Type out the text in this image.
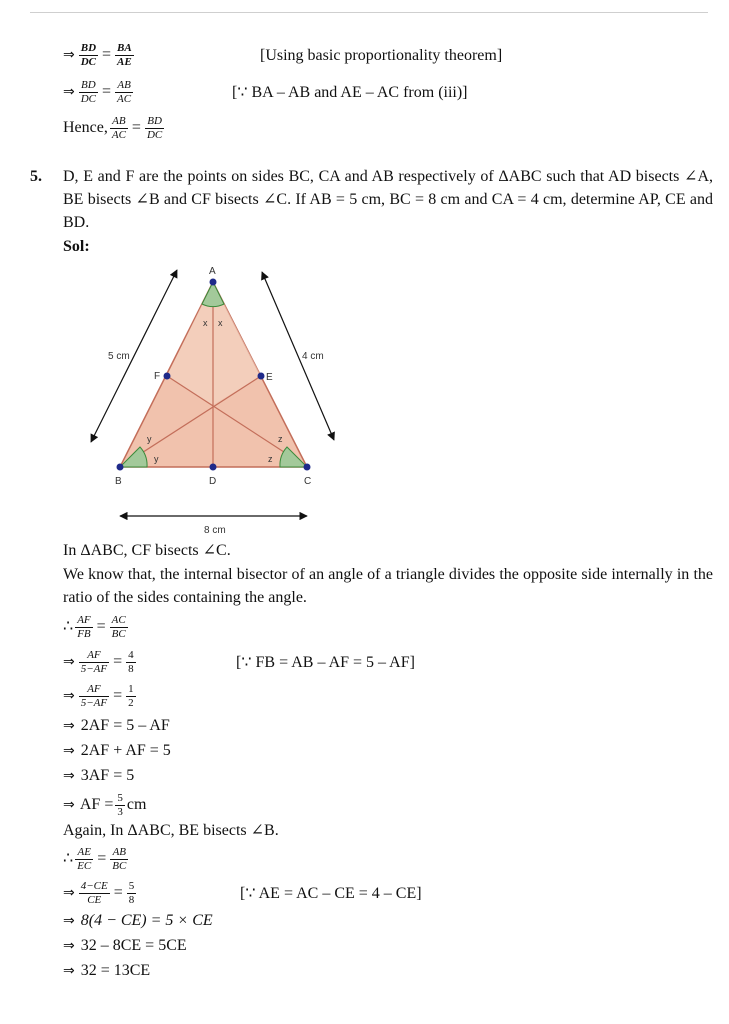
⇒ $\frac{BD}{DC} = \frac{BA}{AE}$	[Using basic proportionality theorem]
⇒ $\frac{BD}{DC} = \frac{AB}{AC}$	[∵ BA – AB and AE – AC from (iii)]
Hence, $\frac{AB}{AC} = \frac{BD}{DC}$
5. D, E and F are the points on sides BC, CA and AB respectively of ΔABC such that AD bisects ∠A, BE bisects ∠B and CF bisects ∠C. If AB = 5 cm, BC = 8 cm and CA = 4 cm, determine AP, CE and BD.
Sol:
A
B	C
D
E
F
x x
y
y
z
z
5 cm	4 cm
8 cm
In ΔABC, CF bisects ∠C.
We know that, the internal bisector of an angle of a triangle divides the opposite side internally in the ratio of the sides containing the angle.
∴ $\frac{AF}{FB} = \frac{AC}{BC}$
⇒ $\frac{AF}{5-AF} = \frac{4}{8}$	[∵ FB = AB – AF = 5 – AF]
⇒ $\frac{AF}{5-AF} = \frac{1}{2}$
⇒ 2AF = 5 – AF
⇒ 2AF + AF = 5
⇒ 3AF = 5
⇒ AF = $\frac{5}{3}$ cm
Again, In ΔABC, BE bisects ∠B.
∴ $\frac{AE}{EC} = \frac{AB}{BC}$
⇒ $\frac{4-CE}{CE} = \frac{5}{8}$	[∵ AE = AC – CE = 4 – CE]
⇒ 8(4 − CE) = 5 × CE
⇒ 32 – 8CE = 5CE
⇒ 32 = 13CE
